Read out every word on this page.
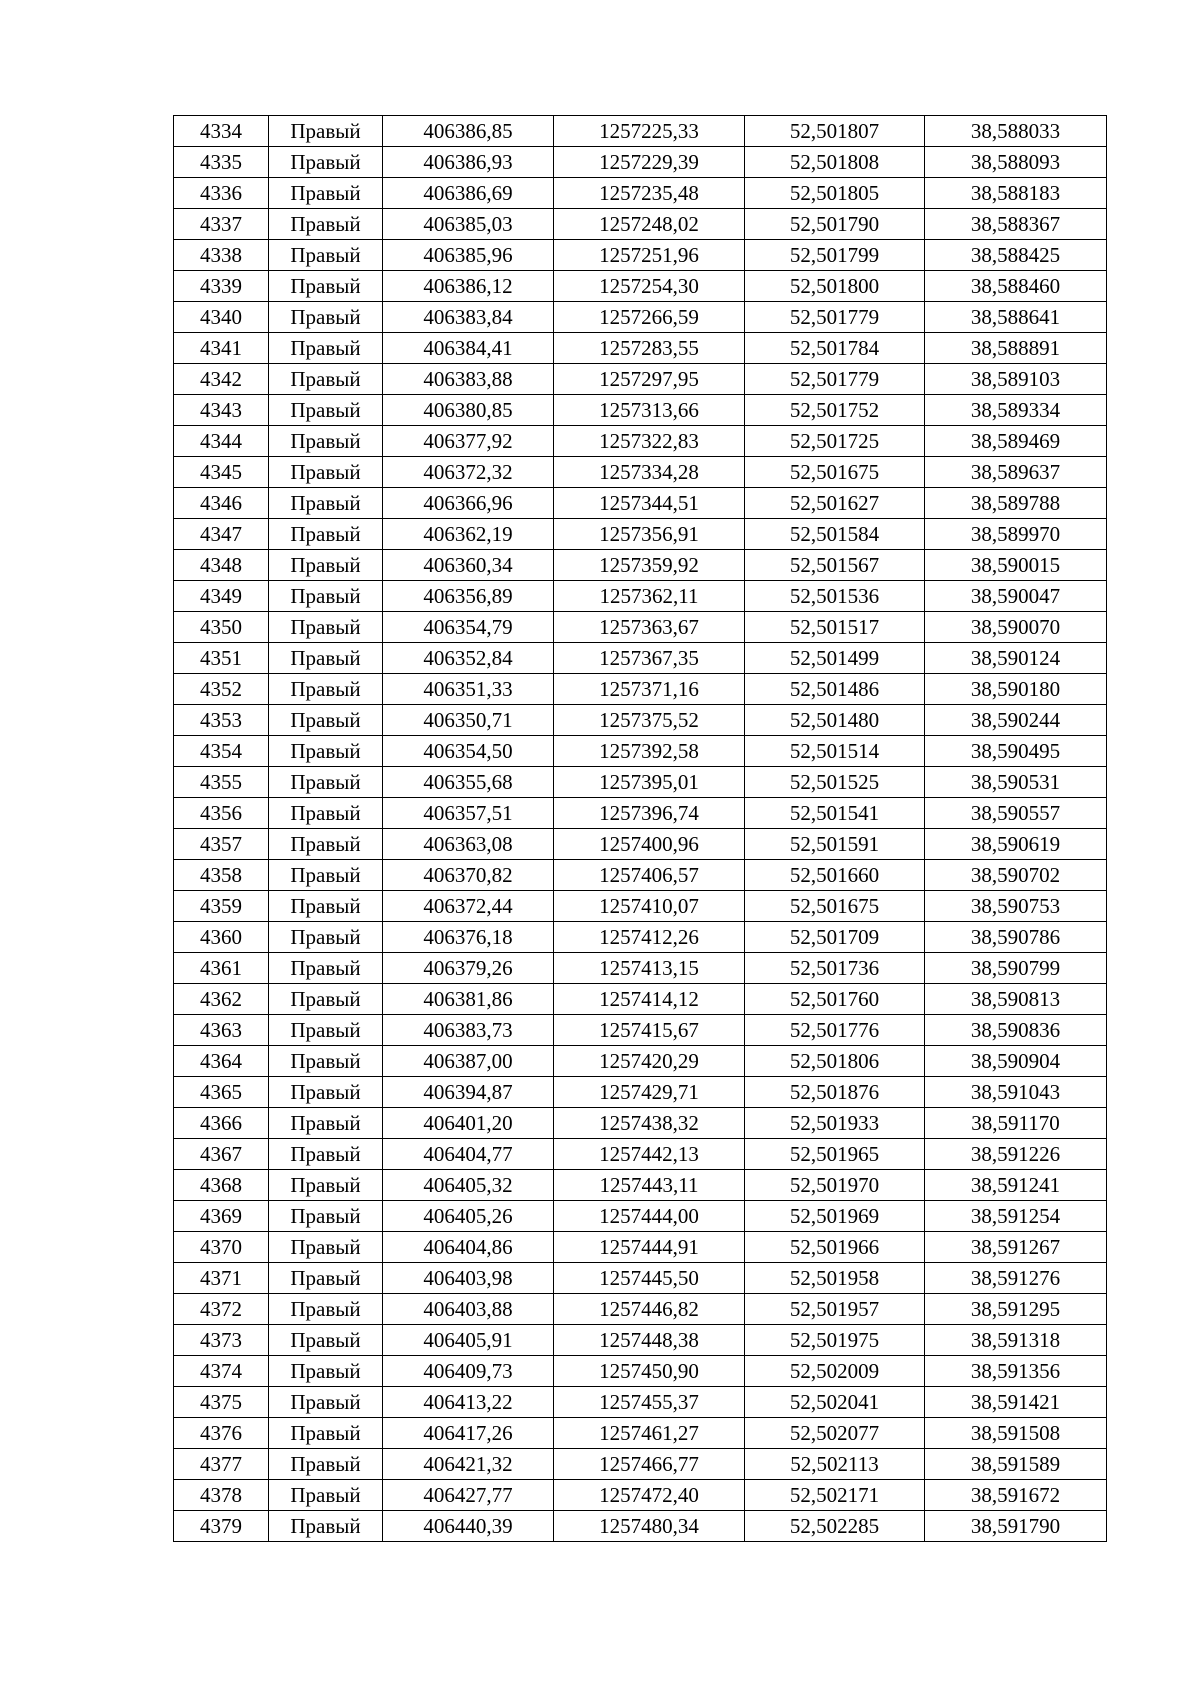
4334	Правый	406386,85	1257225,33	52,501807	38,588033
4335	Правый	406386,93	1257229,39	52,501808	38,588093
4336	Правый	406386,69	1257235,48	52,501805	38,588183
4337	Правый	406385,03	1257248,02	52,501790	38,588367
4338	Правый	406385,96	1257251,96	52,501799	38,588425
4339	Правый	406386,12	1257254,30	52,501800	38,588460
4340	Правый	406383,84	1257266,59	52,501779	38,588641
4341	Правый	406384,41	1257283,55	52,501784	38,588891
4342	Правый	406383,88	1257297,95	52,501779	38,589103
4343	Правый	406380,85	1257313,66	52,501752	38,589334
4344	Правый	406377,92	1257322,83	52,501725	38,589469
4345	Правый	406372,32	1257334,28	52,501675	38,589637
4346	Правый	406366,96	1257344,51	52,501627	38,589788
4347	Правый	406362,19	1257356,91	52,501584	38,589970
4348	Правый	406360,34	1257359,92	52,501567	38,590015
4349	Правый	406356,89	1257362,11	52,501536	38,590047
4350	Правый	406354,79	1257363,67	52,501517	38,590070
4351	Правый	406352,84	1257367,35	52,501499	38,590124
4352	Правый	406351,33	1257371,16	52,501486	38,590180
4353	Правый	406350,71	1257375,52	52,501480	38,590244
4354	Правый	406354,50	1257392,58	52,501514	38,590495
4355	Правый	406355,68	1257395,01	52,501525	38,590531
4356	Правый	406357,51	1257396,74	52,501541	38,590557
4357	Правый	406363,08	1257400,96	52,501591	38,590619
4358	Правый	406370,82	1257406,57	52,501660	38,590702
4359	Правый	406372,44	1257410,07	52,501675	38,590753
4360	Правый	406376,18	1257412,26	52,501709	38,590786
4361	Правый	406379,26	1257413,15	52,501736	38,590799
4362	Правый	406381,86	1257414,12	52,501760	38,590813
4363	Правый	406383,73	1257415,67	52,501776	38,590836
4364	Правый	406387,00	1257420,29	52,501806	38,590904
4365	Правый	406394,87	1257429,71	52,501876	38,591043
4366	Правый	406401,20	1257438,32	52,501933	38,591170
4367	Правый	406404,77	1257442,13	52,501965	38,591226
4368	Правый	406405,32	1257443,11	52,501970	38,591241
4369	Правый	406405,26	1257444,00	52,501969	38,591254
4370	Правый	406404,86	1257444,91	52,501966	38,591267
4371	Правый	406403,98	1257445,50	52,501958	38,591276
4372	Правый	406403,88	1257446,82	52,501957	38,591295
4373	Правый	406405,91	1257448,38	52,501975	38,591318
4374	Правый	406409,73	1257450,90	52,502009	38,591356
4375	Правый	406413,22	1257455,37	52,502041	38,591421
4376	Правый	406417,26	1257461,27	52,502077	38,591508
4377	Правый	406421,32	1257466,77	52,502113	38,591589
4378	Правый	406427,77	1257472,40	52,502171	38,591672
4379	Правый	406440,39	1257480,34	52,502285	38,591790
